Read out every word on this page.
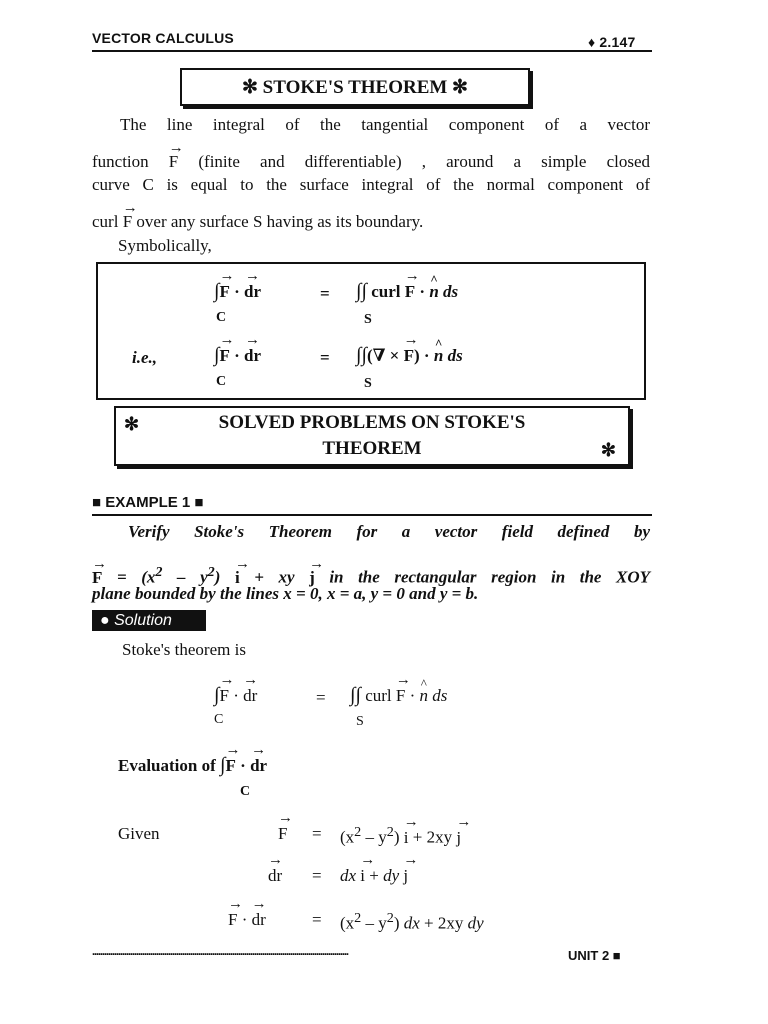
VECTOR CALCULUS	♦ 2.147
✻ STOKE'S THEOREM ✻
The line integral of the tangential component of a vector
function → F (finite and differentiable) , around a simple closed
curve C is equal to the surface integral of the normal component of
curl → F over any surface S having as its boundary.
Symbolically,
∫→ F · → dr	= ∫∫ curl → F · ^ n ds
C	S
i.e.,	∫→ F · → dr	= ∫∫(∇ × → F) · ^ n ds
C	S
✻	SOLVED PROBLEMS ON STOKE'S
THEOREM	✻
■ EXAMPLE 1 ■
Verify Stoke's Theorem for a vector field defined by
→ $F = (x^2 - y^2) \to i$ + xy → j in the rectangular region in the XOY
plane bounded by the lines x = 0, x = a, y = 0 and y = b.
● Solution
Stoke's theorem is
∫→ F · → dr	= ∫∫ curl → F · ^ n ds
C	S
Evaluation of ∫→ F · → dr
C
Given	→ $F = (x^2 - y^2) \to i + 2xy \to j$
→ dr = dx → i + dy → j
→ F · → dr	= $(x^2 - y^2)$ dx + 2xy dy
................................................................................................................................	UNIT 2 ■
